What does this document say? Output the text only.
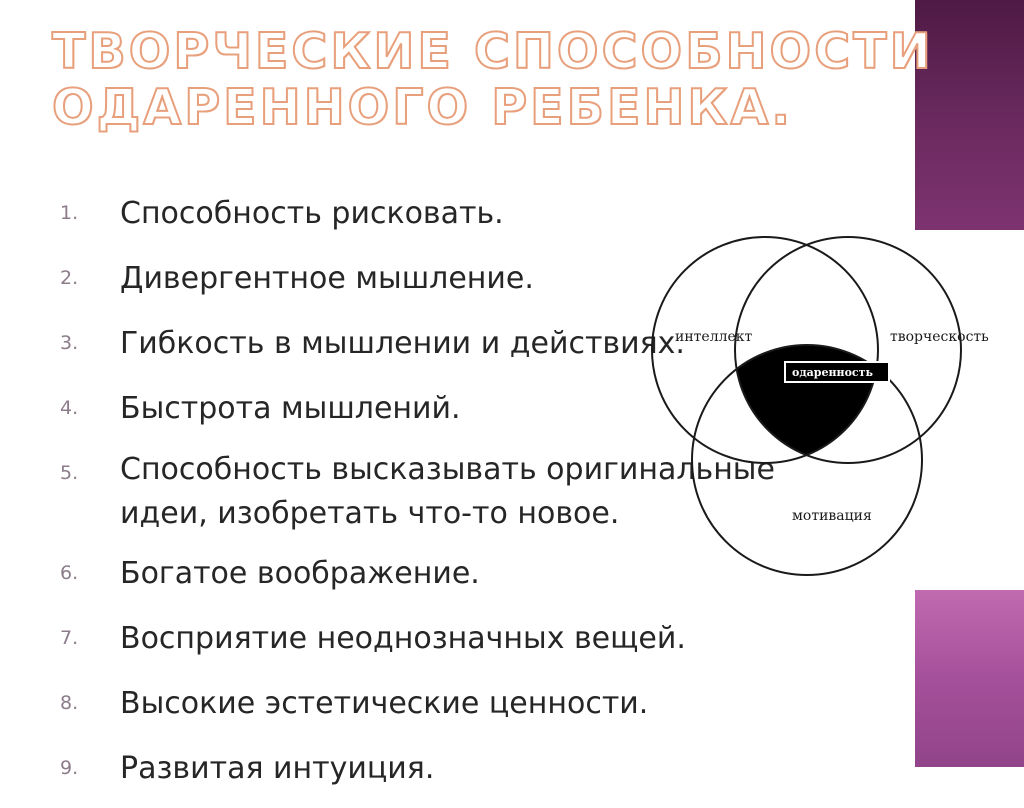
ТВОРЧЕСКИЕ СПОСОБНОСТИ
ОДАРЕННОГО РЕБЕНКА.
1.	Способность рисковать.
2.	Дивергентное мышление.
3.	Гибкость в мышлении и действиях.
4.	Быстрота мышлений.
5.	Способность высказывать оригинальные идеи, изобретать что-то новое.
6.	Богатое воображение.
7.	Восприятие неоднозначных вещей.
8.	Высокие эстетические ценности.
9.	Развитая интуиция.
интеллект	творческость
одаренность
мотивация
